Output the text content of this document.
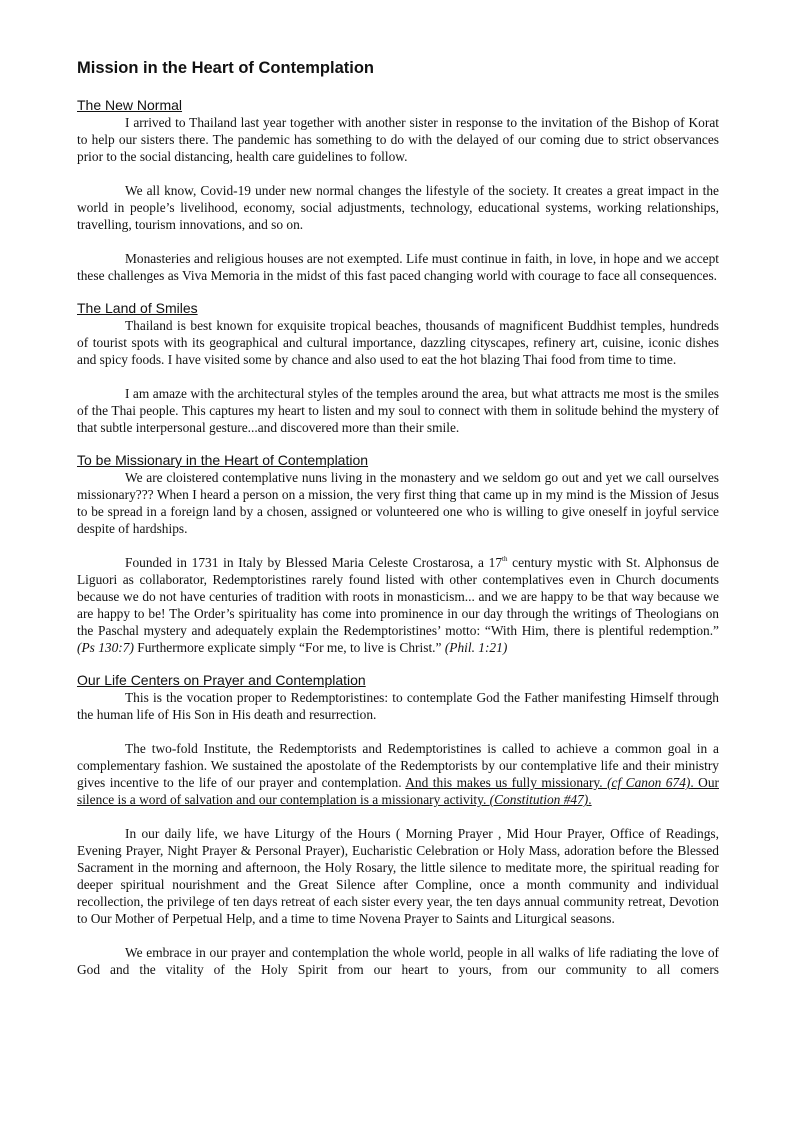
Mission in the Heart of Contemplation
The New Normal

I arrived to Thailand last year together with another sister in response to the invitation of the Bishop of Korat to help our sisters there. The pandemic has something to do with the delayed of our coming due to strict observances prior to the social distancing, health care guidelines to follow.

We all know, Covid-19 under new normal changes the lifestyle of the society. It creates a great impact in the world in people’s livelihood, economy, social adjustments, technology, educational systems, working relationships, travelling, tourism innovations, and so on.

Monasteries and religious houses are not exempted. Life must continue in faith, in love, in hope and we accept these challenges as Viva Memoria in the midst of this fast paced changing world with courage to face all consequences.

The Land of Smiles

Thailand is best known for exquisite tropical beaches, thousands of magnificent Buddhist temples, hundreds of tourist spots with its geographical and cultural importance, dazzling cityscapes, refinery art, cuisine, iconic dishes and spicy foods. I have visited some by chance and also used to eat the hot blazing Thai food from time to time.

I am amaze with the architectural styles of the temples around the area, but what attracts me most is the smiles of the Thai people. This captures my heart to listen and my soul to connect with them in solitude behind the mystery of that subtle interpersonal gesture...and discovered more than their smile.

To be Missionary in the Heart of Contemplation

We are cloistered contemplative nuns living in the monastery and we seldom go out and yet we call ourselves missionary??? When I heard a person on a mission, the very first thing that came up in my mind is the Mission of Jesus to be spread in a foreign land by a chosen, assigned or volunteered one who is willing to give oneself in joyful service despite of hardships.

Founded in 1731 in Italy by Blessed Maria Celeste Crostarosa, a 17th century mystic with St. Alphonsus de Liguori as collaborator, Redemptoristines rarely found listed with other contemplatives even in Church documents because we do not have centuries of tradition with roots in monasticism... and we are happy to be that way because we are happy to be! The Order’s spirituality has come into prominence in our day through the writings of Theologians on the Paschal mystery and adequately explain the Redemptoristines’ motto: “With Him, there is plentiful redemption.” (Ps 130:7) Furthermore explicate simply “For me, to live is Christ.” (Phil. 1:21)

Our Life Centers on Prayer and Contemplation

This is the vocation proper to Redemptoristines: to contemplate God the Father manifesting Himself through the human life of His Son in His death and resurrection.

The two-fold Institute, the Redemptorists and Redemptoristines is called to achieve a common goal in a complementary fashion. We sustained the apostolate of the Redemptorists by our contemplative life and their ministry gives incentive to the life of our prayer and contemplation. And this makes us fully missionary. (cf Canon 674). Our silence is a word of salvation and our contemplation is a missionary activity. (Constitution #47).

In our daily life, we have Liturgy of the Hours ( Morning Prayer , Mid Hour Prayer, Office of Readings, Evening Prayer, Night Prayer & Personal Prayer), Eucharistic Celebration or Holy Mass, adoration before the Blessed Sacrament in the morning and afternoon, the Holy Rosary, the little silence to meditate more, the spiritual reading for deeper spiritual nourishment and the Great Silence after Compline, once a month community and individual recollection, the privilege of ten days retreat of each sister every year, the ten days annual community retreat, Devotion to Our Mother of Perpetual Help, and a time to time Novena Prayer to Saints and Liturgical seasons.

We embrace in our prayer and contemplation the whole world, people in all walks of life radiating the love of God and the vitality of the Holy Spirit from our heart to yours, from our community to all comers
